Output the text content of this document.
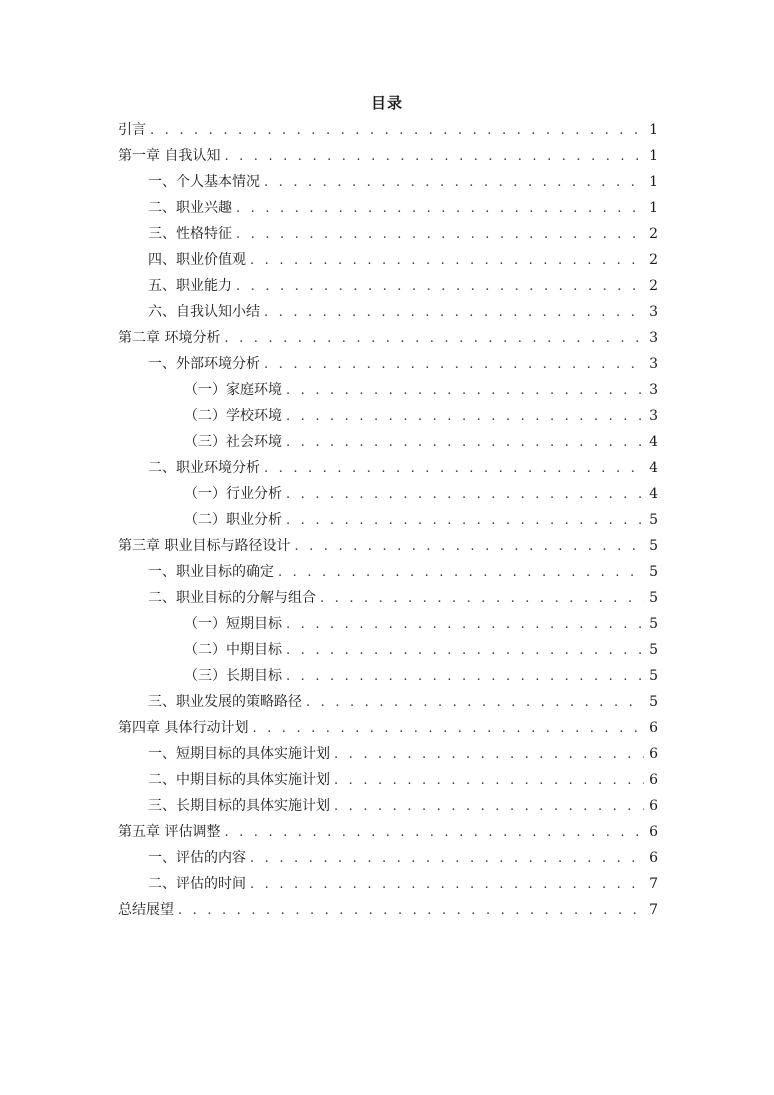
目录
引言 . . .	1
第一章 自我认知 . . .	1
一、个人基本情况 . . .	1
二、职业兴趣 . . .	1
三、性格特征 . . .	2
四、职业价值观 . . .	2
五、职业能力 . . .	2
六、自我认知小结 . . .	3
第二章 环境分析 . . .	3
一、外部环境分析 . . .	3
（一）家庭环境 . . .	3
（二）学校环境 . . .	3
（三）社会环境 . . .	4
二、职业环境分析 . . .	4
（一）行业分析 . . .	4
（二）职业分析 . . .	5
第三章 职业目标与路径设计 . . .	5
一、职业目标的确定 . . .	5
二、职业目标的分解与组合 . . .	5
（一）短期目标 . . .	5
（二）中期目标 . . .	5
（三）长期目标 . . .	5
三、职业发展的策略路径 . . .	5
第四章 具体行动计划 . . .	6
一、短期目标的具体实施计划 . . .	6
二、中期目标的具体实施计划 . . .	6
三、长期目标的具体实施计划 . . .	6
第五章 评估调整 . . .	6
一、评估的内容 . . .	6
二、评估的时间 . . .	7
总结展望 . . .	7
